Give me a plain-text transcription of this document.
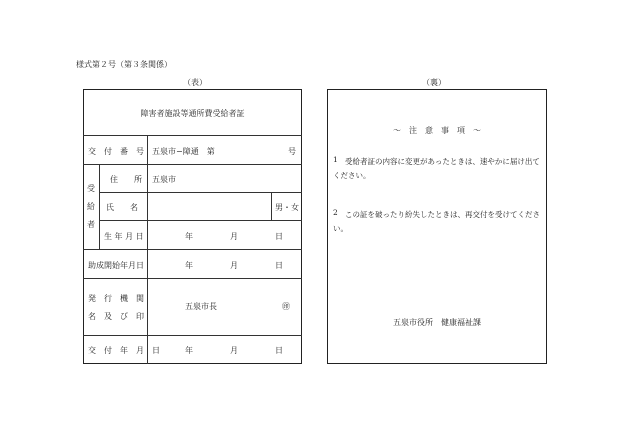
様式第２号（第３条関係）
（表）	（裏）
障害者施設等通所費受給者証
交　付　番　号 五泉市−障通　第	号
受給者
住　　所 五泉市
氏　　名	男・女
生 年 月 日	年	月	日
助成開始年月日	年	月	日
発　行　機　関
名　及　び　印
五泉市長	㊞
交　付　年　月　日	年	月	日
〜　注　意　事　項　〜
1 受給者証の内容に変更があったときは、速やかに届け出てください。
2 この証を破ったり紛失したときは、再交付を受けてください。
五泉市役所　健康福祉課
